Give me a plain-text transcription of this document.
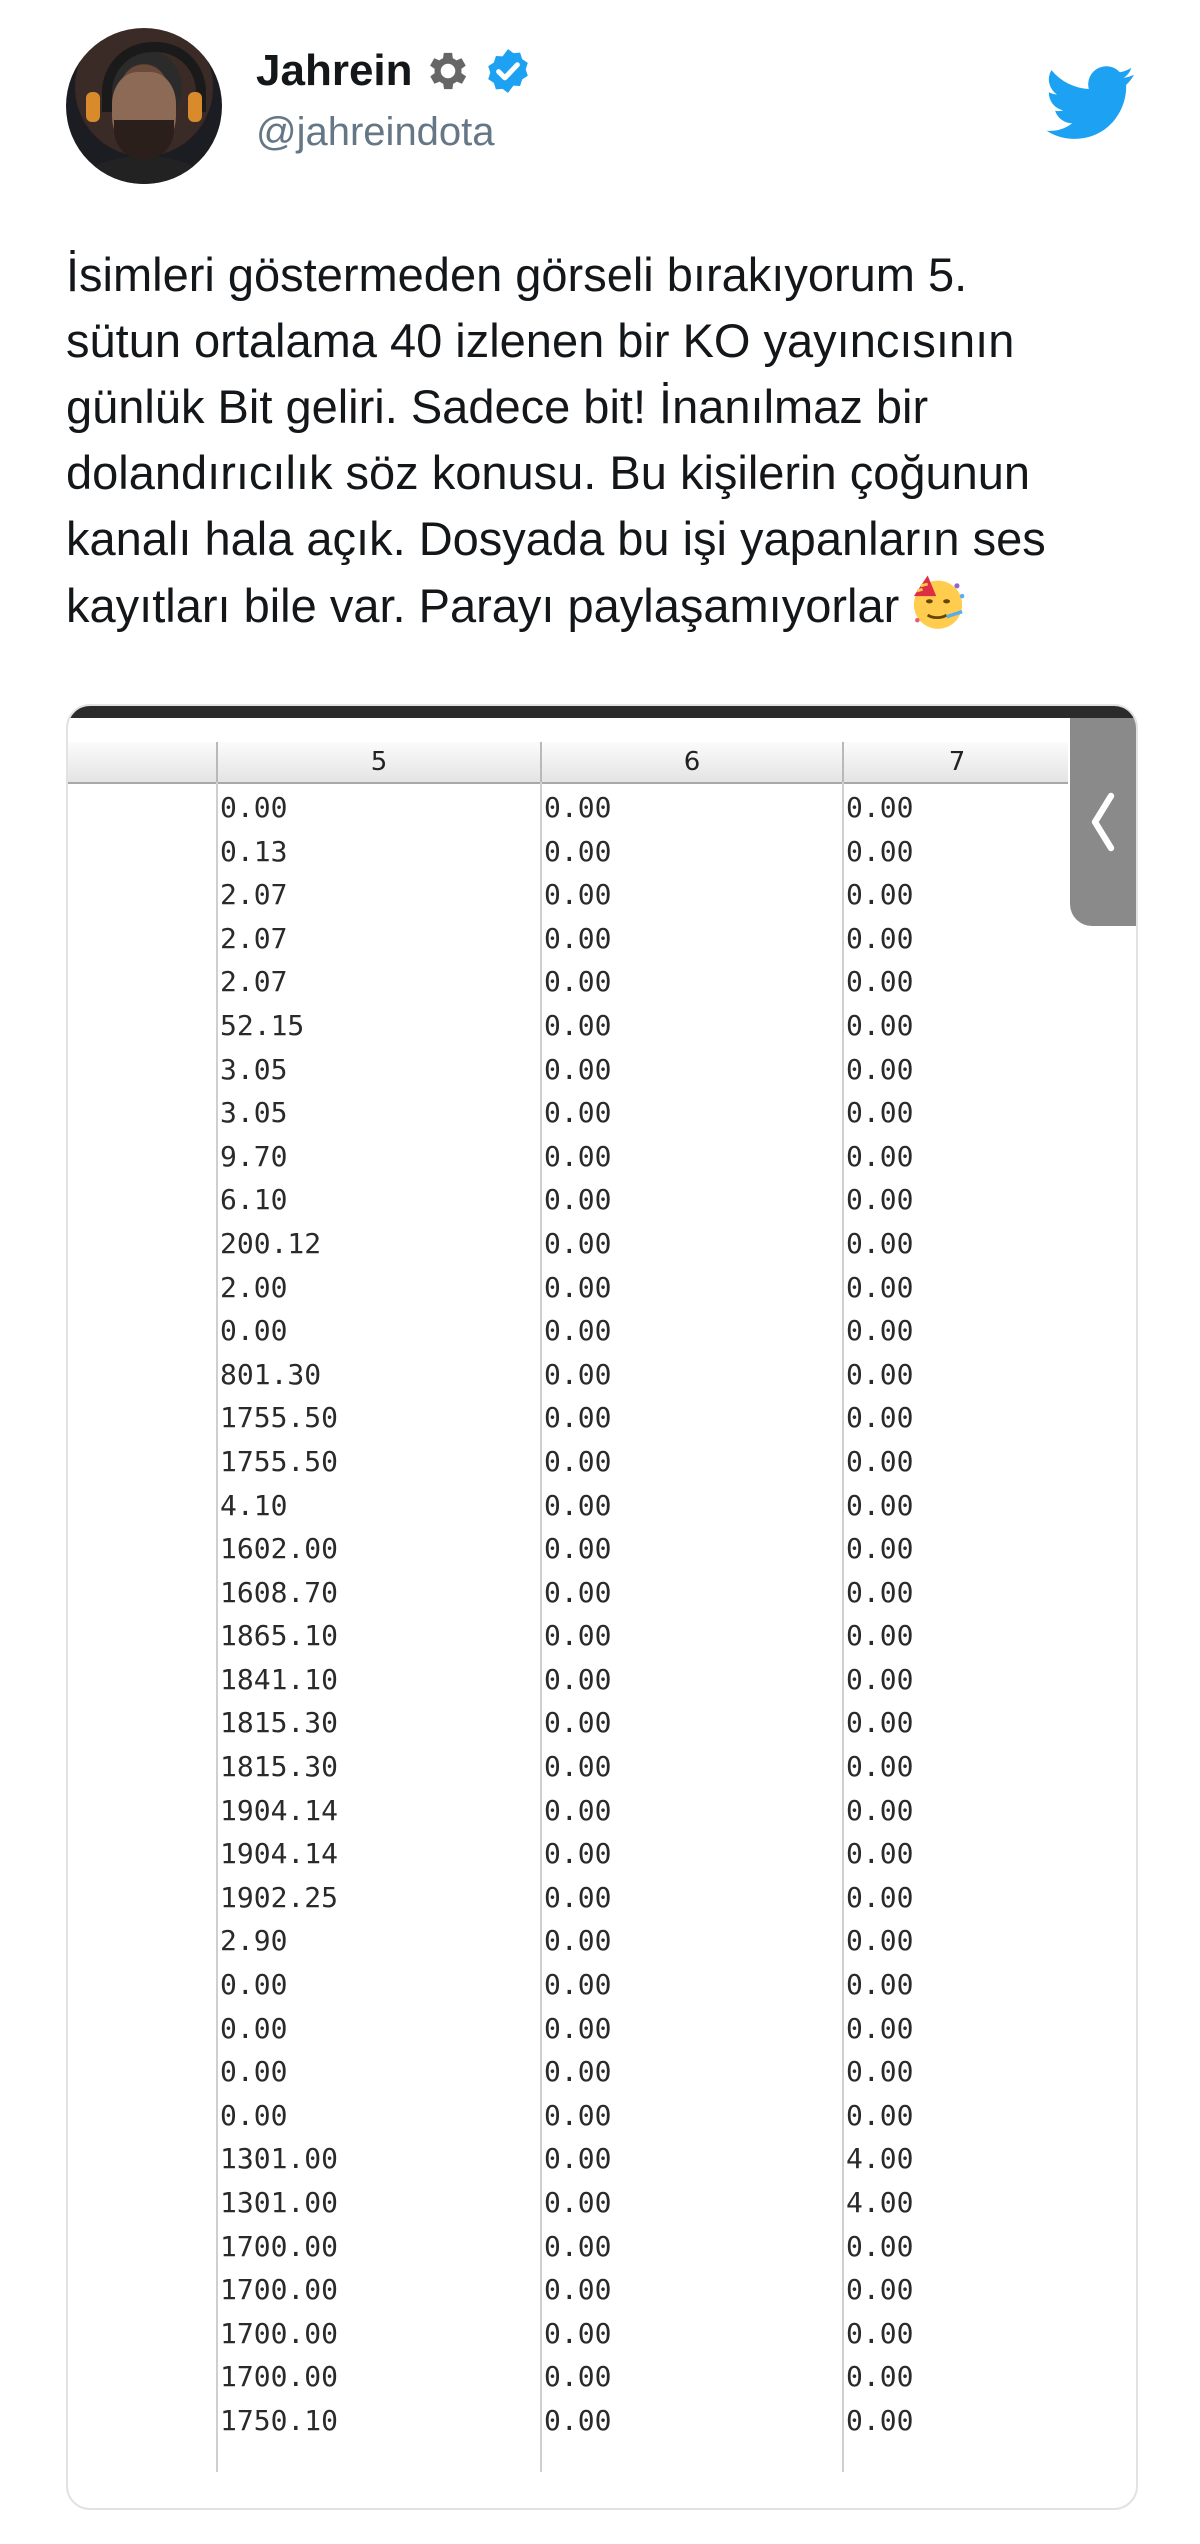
Jahrein
@jahreindota

İsimleri göstermeden görseli bırakıyorum 5.
sütun ortalama 40 izlenen bir KO yayıncısının
günlük Bit geliri. Sadece bit! İnanılmaz bir
dolandırıcılık söz konusu. Bu kişilerin çoğunun
kanalı hala açık. Dosyada bu işi yapanların ses
kayıtları bile var. Parayı paylaşamıyorlar

5	6	7
0.00	0.00	0.00
0.13	0.00	0.00
2.07	0.00	0.00
2.07	0.00	0.00
2.07	0.00	0.00
52.15	0.00	0.00
3.05	0.00	0.00
3.05	0.00	0.00
9.70	0.00	0.00
6.10	0.00	0.00
200.12	0.00	0.00
2.00	0.00	0.00
0.00	0.00	0.00
801.30	0.00	0.00
1755.50	0.00	0.00
1755.50	0.00	0.00
4.10	0.00	0.00
1602.00	0.00	0.00
1608.70	0.00	0.00
1865.10	0.00	0.00
1841.10	0.00	0.00
1815.30	0.00	0.00
1815.30	0.00	0.00
1904.14	0.00	0.00
1904.14	0.00	0.00
1902.25	0.00	0.00
2.90	0.00	0.00
0.00	0.00	0.00
0.00	0.00	0.00
0.00	0.00	0.00
0.00	0.00	0.00
1301.00	0.00	4.00
1301.00	0.00	4.00
1700.00	0.00	0.00
1700.00	0.00	0.00
1700.00	0.00	0.00
1700.00	0.00	0.00
1750.10	0.00	0.00
